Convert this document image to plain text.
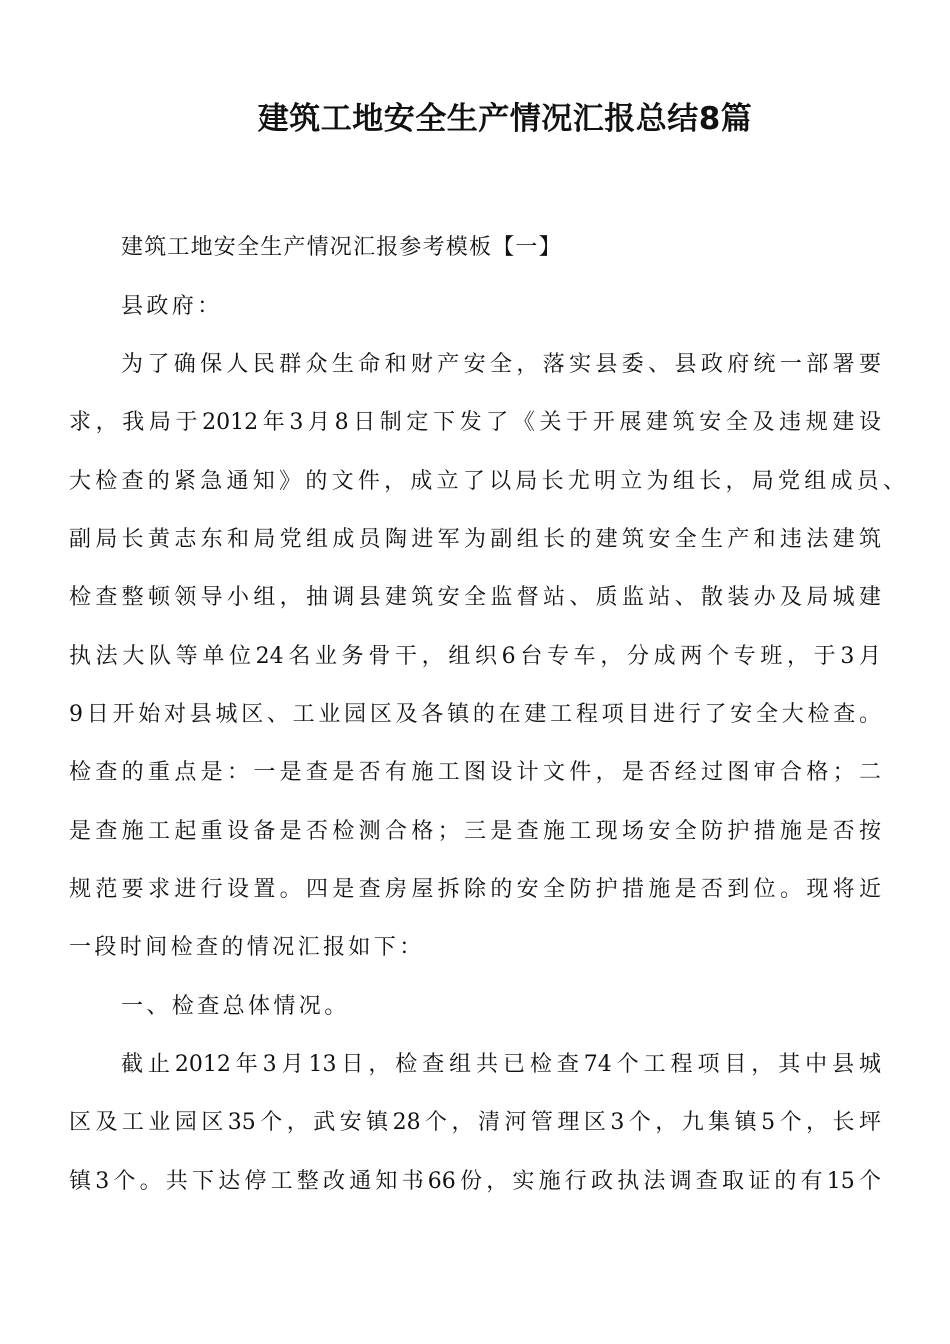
建筑工地安全生产情况汇报总结8篇
建筑工地安全生产情况汇报参考模板【一】
县政府：
为了确保人民群众生命和财产安全，落实县委、县政府统一部署要
求，我局于2012年3月8日制定下发了《关于开展建筑安全及违规建设
大检查的紧急通知》的文件，成立了以局长尤明立为组长，局党组成员、
副局长黄志东和局党组成员陶进军为副组长的建筑安全生产和违法建筑
检查整顿领导小组，抽调县建筑安全监督站、质监站、散装办及局城建
执法大队等单位24名业务骨干，组织6台专车，分成两个专班，于3月
9日开始对县城区、工业园区及各镇的在建工程项目进行了安全大检查。
检查的重点是：一是查是否有施工图设计文件，是否经过图审合格；二
是查施工起重设备是否检测合格；三是查施工现场安全防护措施是否按
规范要求进行设置。四是查房屋拆除的安全防护措施是否到位。现将近
一段时间检查的情况汇报如下：
一、检查总体情况。
截止2012年3月13日，检查组共已检查74个工程项目，其中县城
区及工业园区35个，武安镇28个，清河管理区3个，九集镇5个，长坪
镇3个。共下达停工整改通知书66份，实施行政执法调查取证的有15个
